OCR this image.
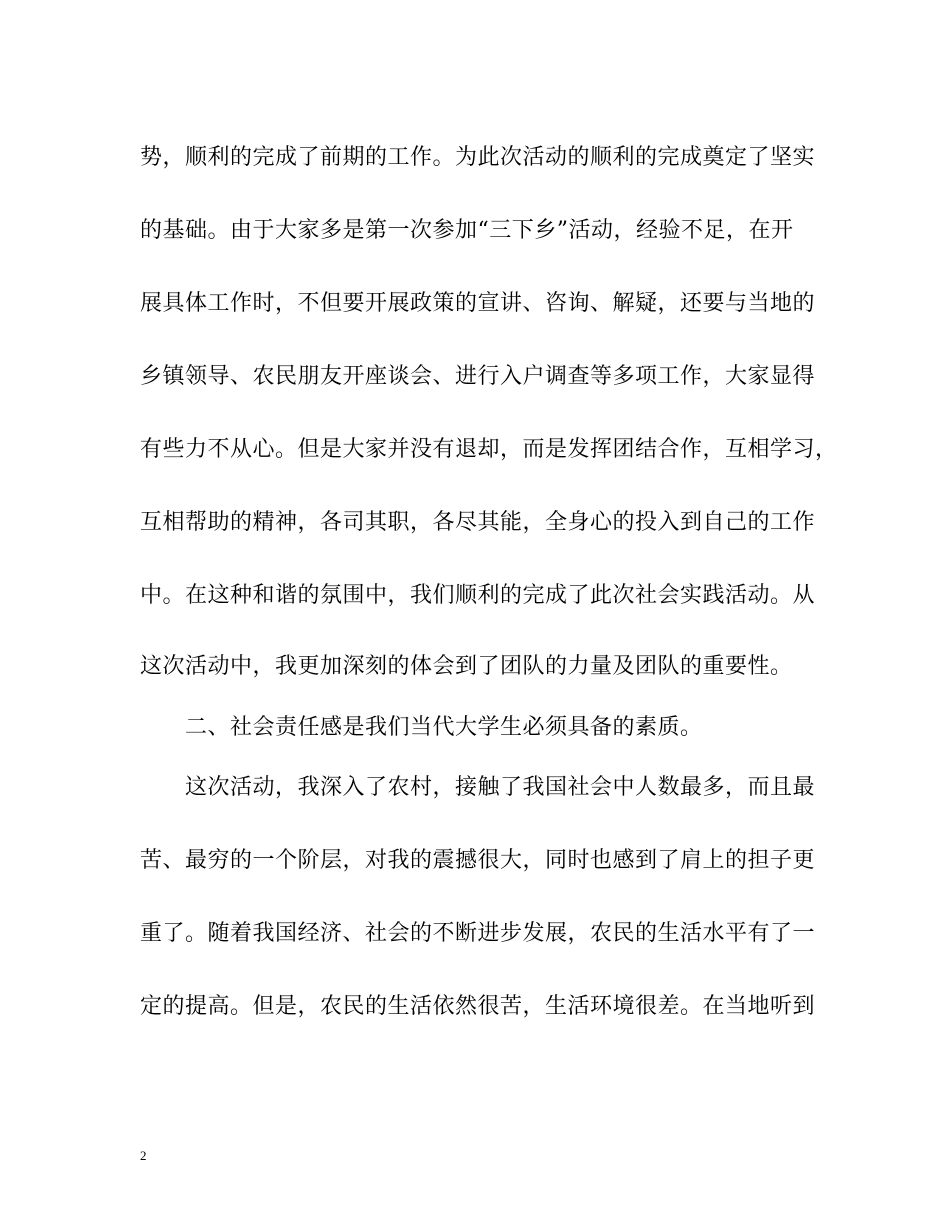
势，顺利的完成了前期的工作。为此次活动的顺利的完成奠定了坚实
的基础。由于大家多是第一次参加“三下乡”活动，经验不足，在开
展具体工作时，不但要开展政策的宣讲、咨询、解疑，还要与当地的
乡镇领导、农民朋友开座谈会、进行入户调查等多项工作，大家显得
有些力不从心。但是大家并没有退却，而是发挥团结合作，互相学习，
互相帮助的精神，各司其职，各尽其能，全身心的投入到自己的工作
中。在这种和谐的氛围中，我们顺利的完成了此次社会实践活动。从
这次活动中，我更加深刻的体会到了团队的力量及团队的重要性。
二、社会责任感是我们当代大学生必须具备的素质。
这次活动，我深入了农村，接触了我国社会中人数最多，而且最
苦、最穷的一个阶层，对我的震撼很大，同时也感到了肩上的担子更
重了。随着我国经济、社会的不断进步发展，农民的生活水平有了一
定的提高。但是，农民的生活依然很苦，生活环境很差。在当地听到
2
